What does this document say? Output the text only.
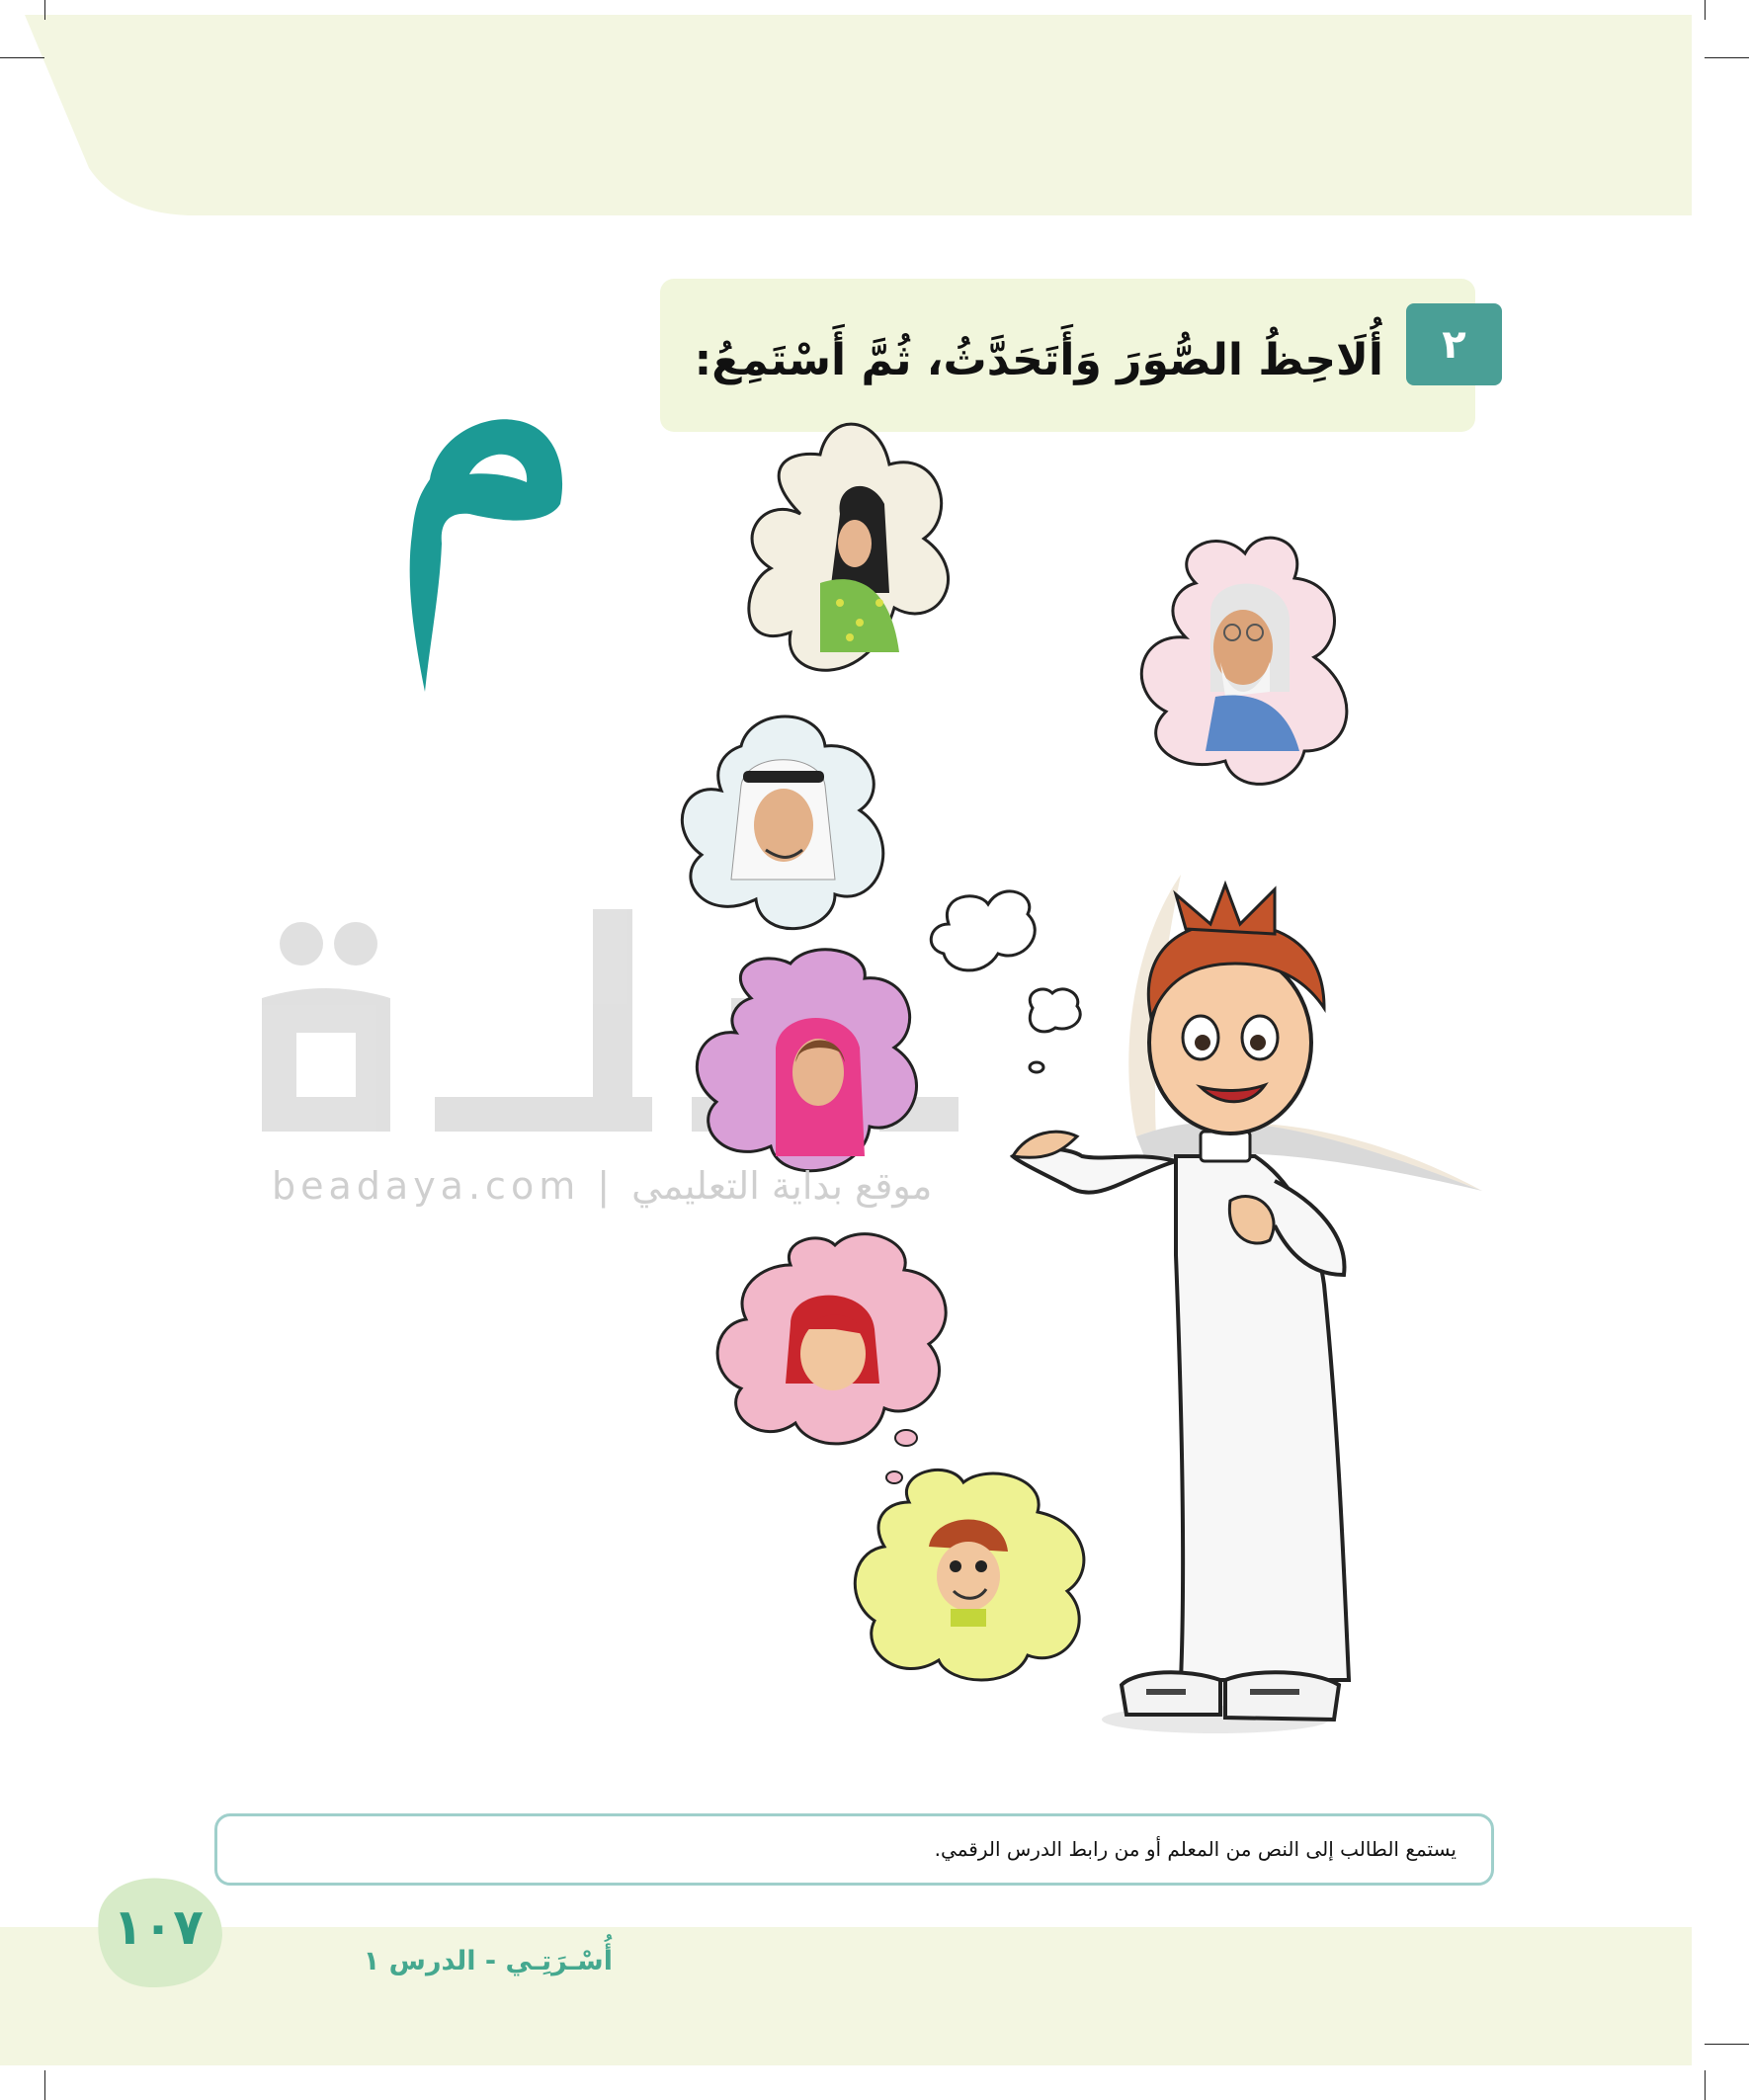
٢
أُلَاحِظُ الصُّوَرَ وَأَتَحَدَّثُ، ثُمَّ أَسْتَمِعُ:
beadaya.com | موقع بداية التعليمي
يستمع الطالب إلى النص من المعلم أو من رابط الدرس الرقمي.
١٠٧
أُسْـرَتِـي - الدرس ١
